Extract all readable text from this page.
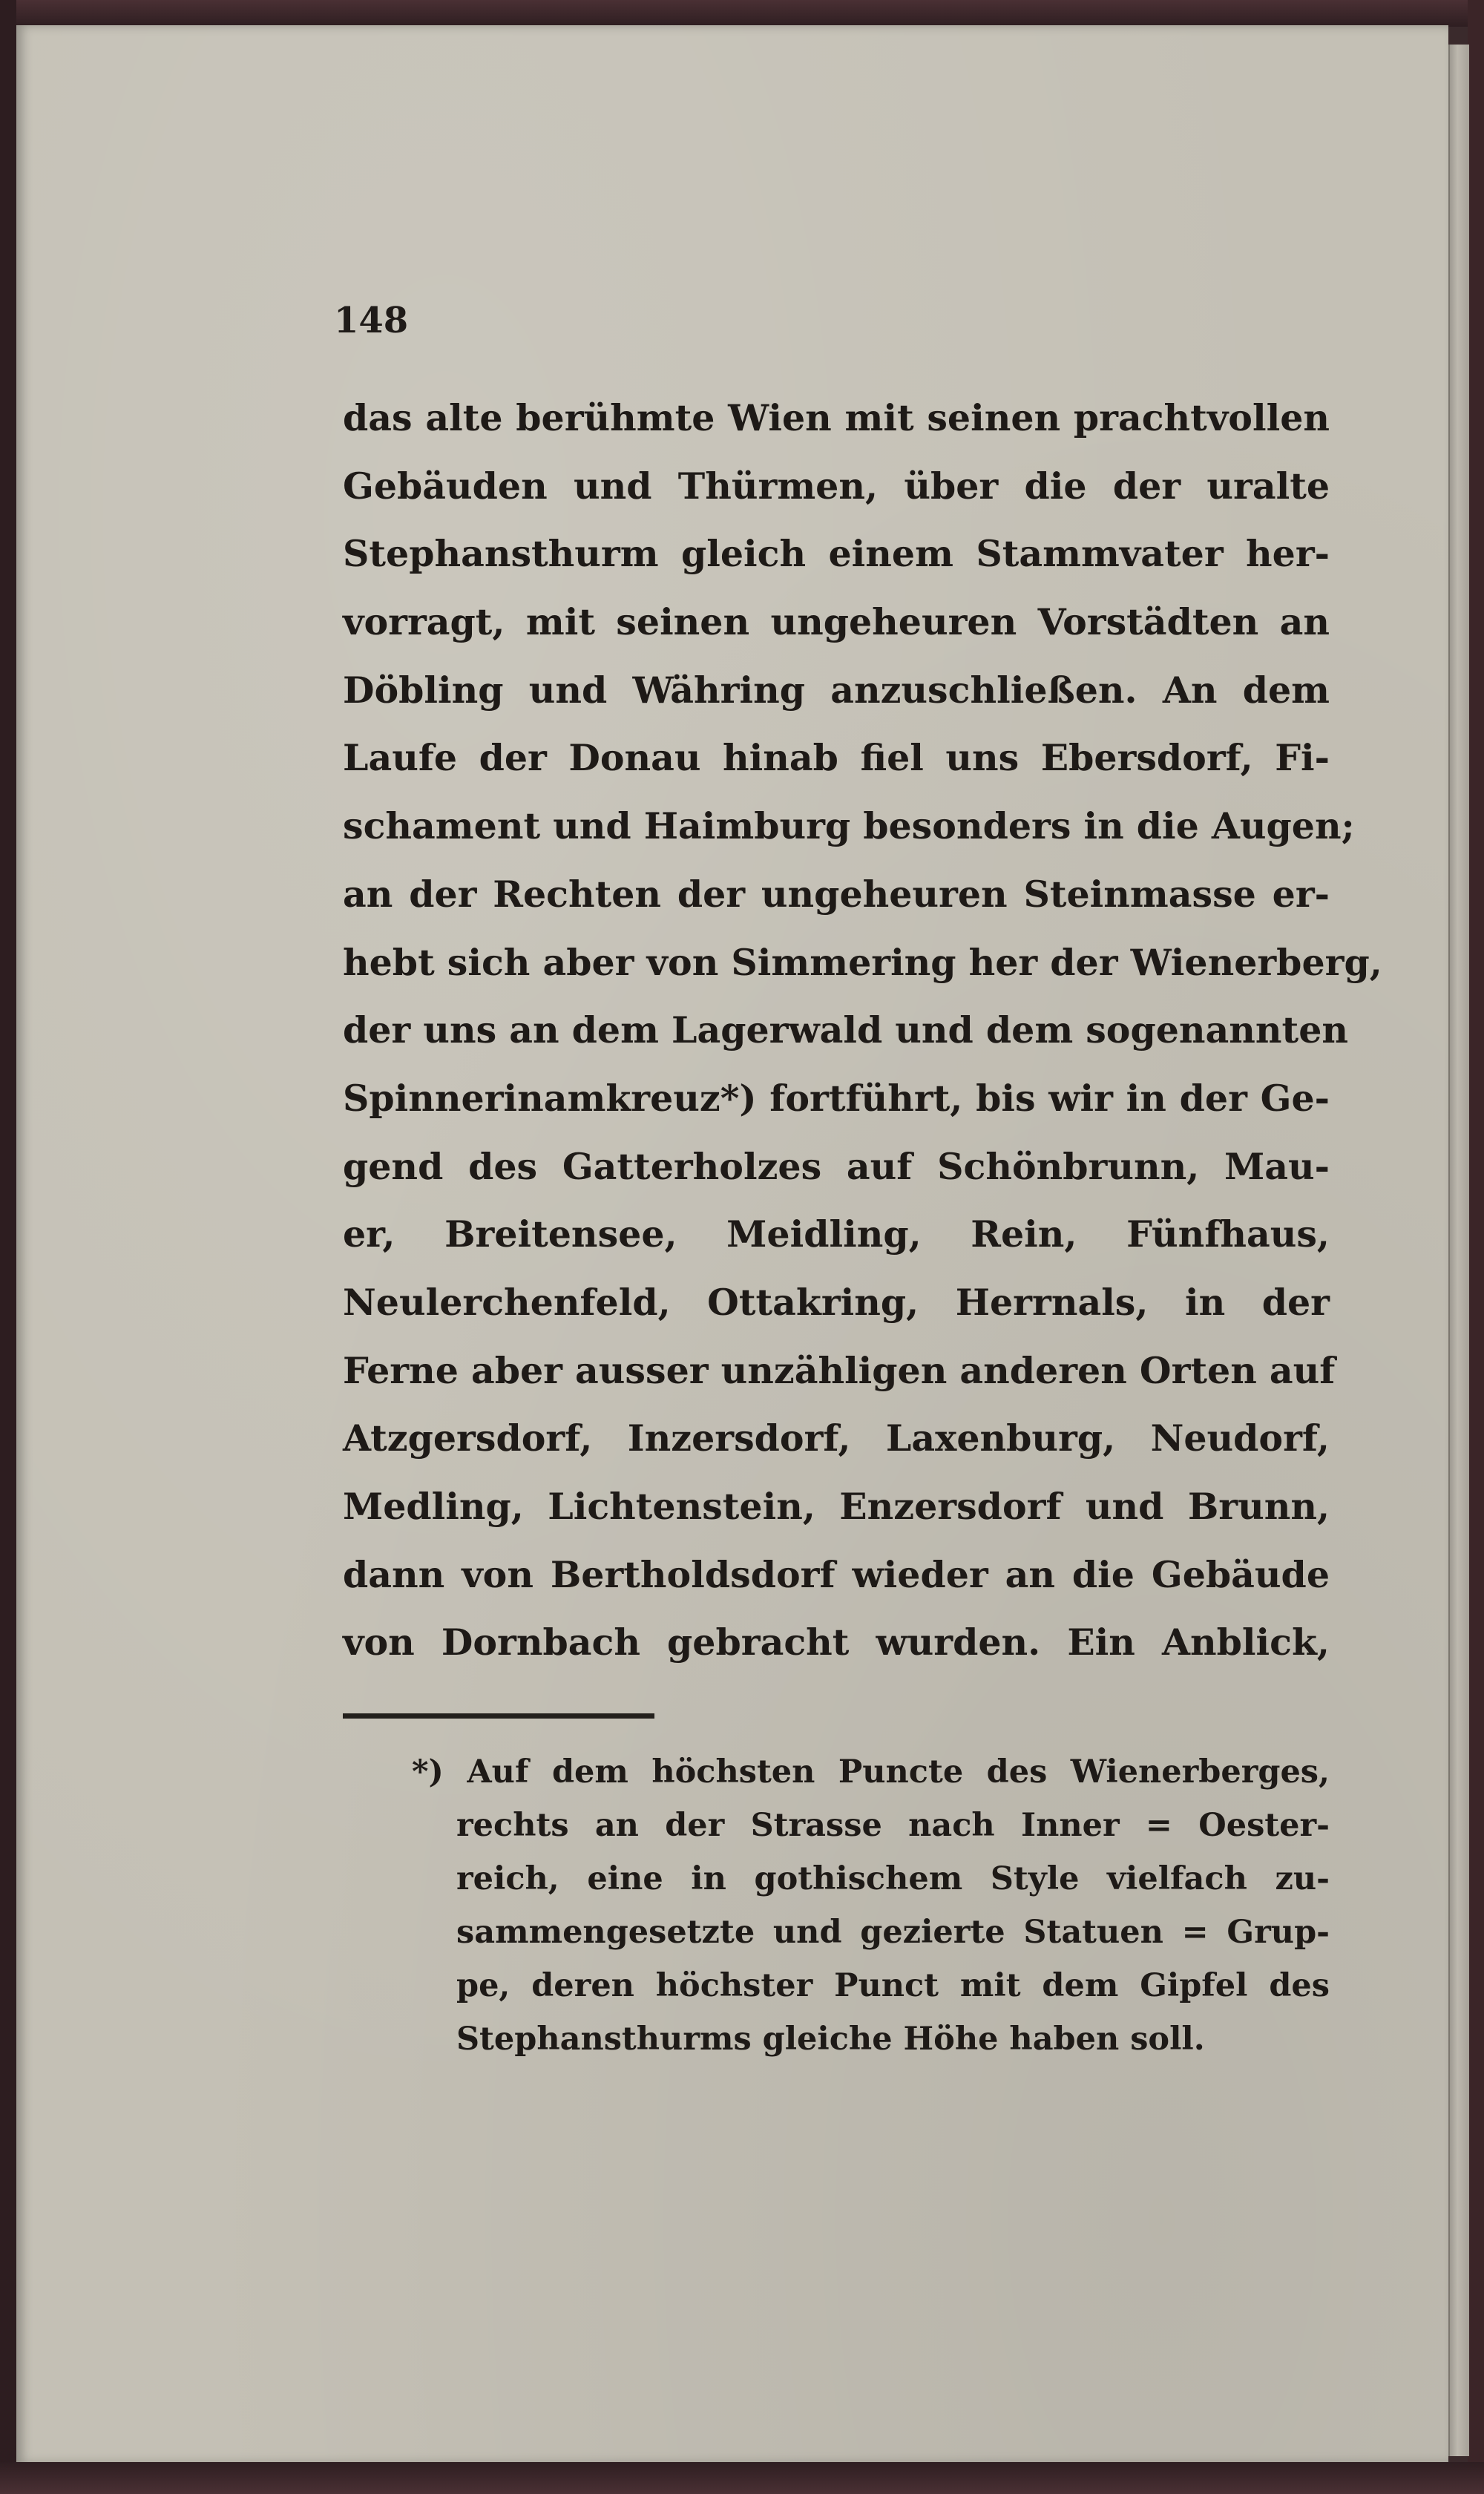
148

das alte berühmte Wien mit seinen prachtvollen
Gebäuden und Thürmen, über die der uralte
Stephansthurm gleich einem Stammvater her-
vorragt, mit seinen ungeheuren Vorstädten an
Döbling und Währing anzuschließen. An dem
Laufe der Donau hinab fiel uns Ebersdorf, Fi-
schament und Haimburg besonders in die Augen;
an der Rechten der ungeheuren Steinmasse er-
hebt sich aber von Simmering her der Wienerberg,
der uns an dem Lagerwald und dem sogenannten
Spinnerinamkreuz*) fortführt, bis wir in der Ge-
gend des Gatterholzes auf Schönbrunn, Mau-
er, Breitensee, Meidling, Rein, Fünfhaus,
Neulerchenfeld, Ottakring, Herrnals, in der
Ferne aber ausser unzähligen anderen Orten auf
Atzgersdorf, Inzersdorf, Laxenburg, Neudorf,
Medling, Lichtenstein, Enzersdorf und Brunn,
dann von Bertholdsdorf wieder an die Gebäude
von Dornbach gebracht wurden. Ein Anblick,
*) Auf dem höchsten Puncte des Wienerberges,
rechts an der Strasse nach Inner = Oester-
reich, eine in gothischem Style vielfach zu-
sammengesetzte und gezierte Statuen = Grup-
pe, deren höchster Punct mit dem Gipfel des
Stephansthurms gleiche Höhe haben soll.
